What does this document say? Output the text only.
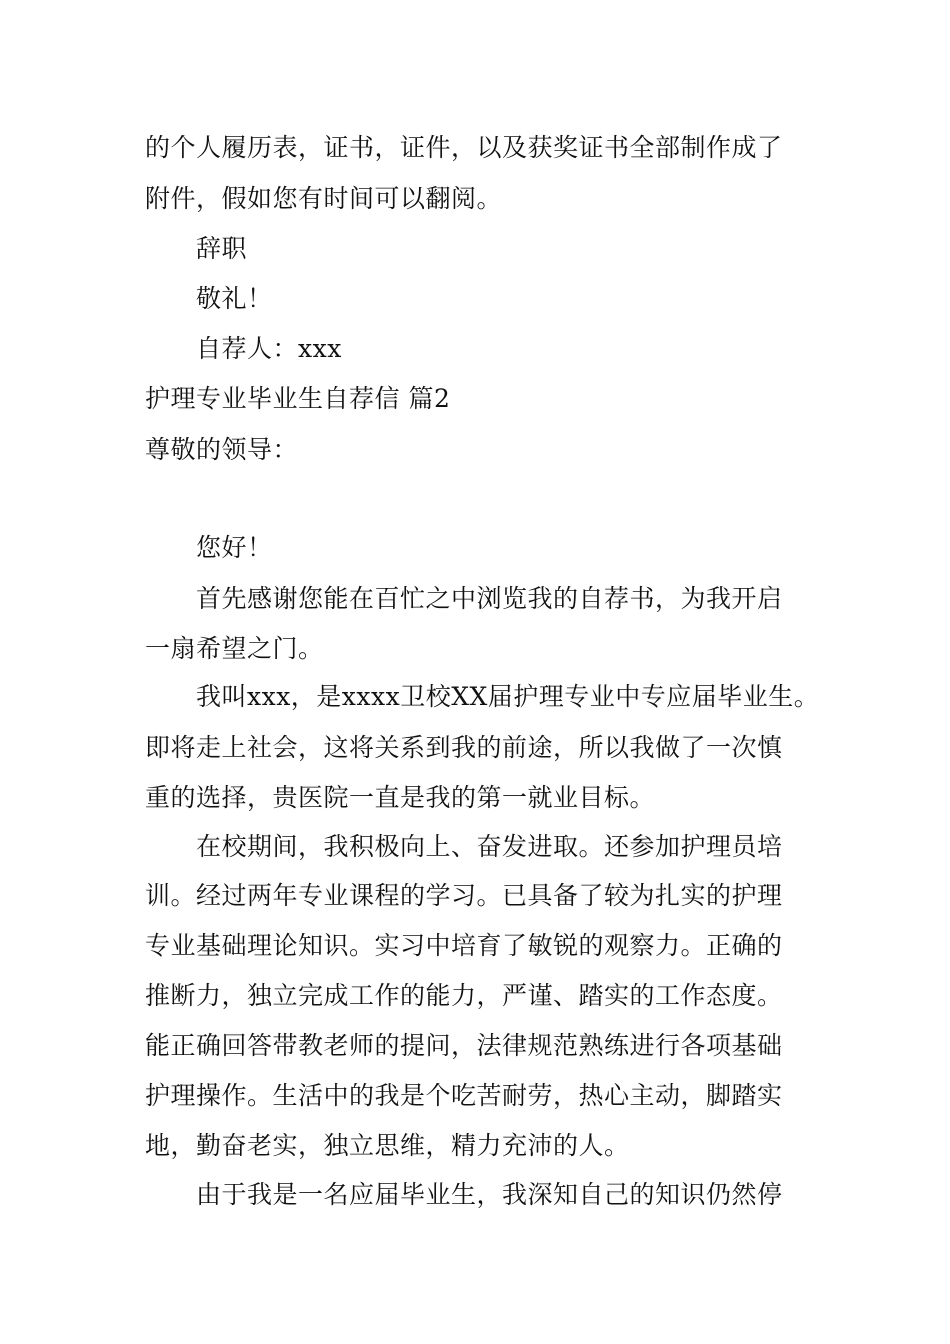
的个人履历表，证书，证件，以及获奖证书全部制作成了
附件，假如您有时间可以翻阅。
辞职
敬礼！
自荐人：xxx
护理专业毕业生自荐信 篇2
尊敬的领导：
您好！
首先感谢您能在百忙之中浏览我的自荐书，为我开启
一扇希望之门。
我叫xxx，是xxxx卫校XX届护理专业中专应届毕业生。
即将走上社会，这将关系到我的前途，所以我做了一次慎
重的选择，贵医院一直是我的第一就业目标。
在校期间，我积极向上、奋发进取。还参加护理员培
训。经过两年专业课程的学习。已具备了较为扎实的护理
专业基础理论知识。实习中培育了敏锐的观察力。正确的
推断力，独立完成工作的能力，严谨、踏实的工作态度。
能正确回答带教老师的提问，法律规范熟练进行各项基础
护理操作。生活中的我是个吃苦耐劳，热心主动，脚踏实
地，勤奋老实，独立思维，精力充沛的人。
由于我是一名应届毕业生，我深知自己的知识仍然停
